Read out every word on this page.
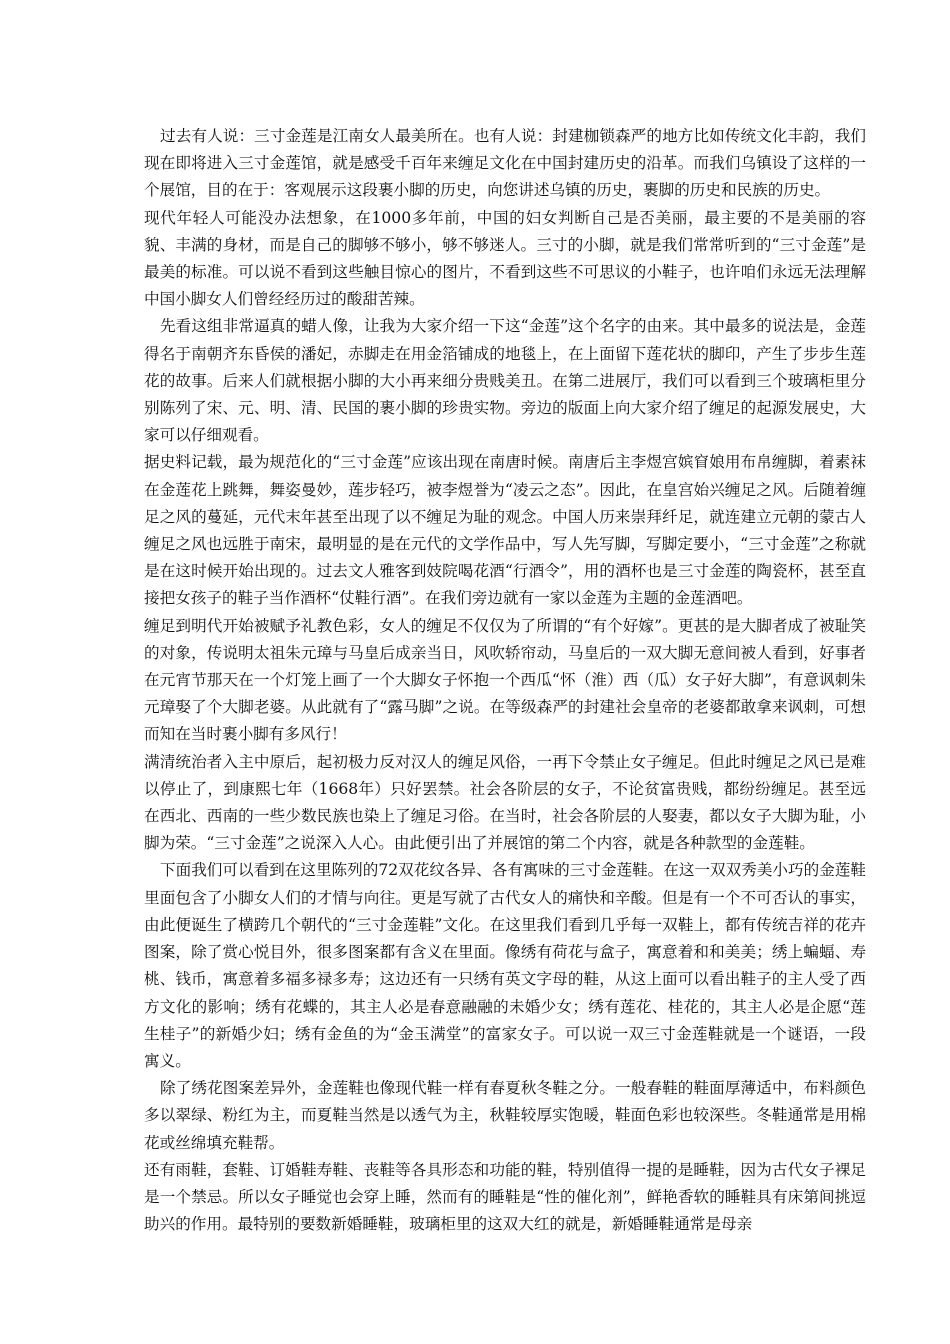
过去有人说：三寸金莲是江南女人最美所在。也有人说：封建枷锁森严的地方比如传统文化丰韵，我们现在即将进入三寸金莲馆，就是感受千百年来缠足文化在中国封建历史的沿革。而我们乌镇设了这样的一个展馆，目的在于：客观展示这段裹小脚的历史，向您讲述乌镇的历史，裹脚的历史和民族的历史。

现代年轻人可能没办法想象，在1000多年前，中国的妇女判断自己是否美丽，最主要的不是美丽的容貌、丰满的身材，而是自己的脚够不够小，够不够迷人。三寸的小脚，就是我们常常听到的“三寸金莲”是最美的标准。可以说不看到这些触目惊心的图片，不看到这些不可思议的小鞋子，也许咱们永远无法理解中国小脚女人们曾经经历过的酸甜苦辣。

先看这组非常逼真的蜡人像，让我为大家介绍一下这“金莲”这个名字的由来。其中最多的说法是，金莲得名于南朝齐东昏侯的潘妃，赤脚走在用金箔铺成的地毯上，在上面留下莲花状的脚印，产生了步步生莲花的故事。后来人们就根据小脚的大小再来细分贵贱美丑。在第二进展厅，我们可以看到三个玻璃柜里分别陈列了宋、元、明、清、民国的裹小脚的珍贵实物。旁边的版面上向大家介绍了缠足的起源发展史，大家可以仔细观看。

据史料记载，最为规范化的“三寸金莲”应该出现在南唐时候。南唐后主李煜宫嫔窅娘用布帛缠脚，着素袜在金莲花上跳舞，舞姿曼妙，莲步轻巧，被李煜誉为“凌云之态”。因此，在皇宫始兴缠足之风。后随着缠足之风的蔓延，元代末年甚至出现了以不缠足为耻的观念。中国人历来崇拜纤足，就连建立元朝的蒙古人缠足之风也远胜于南宋，最明显的是在元代的文学作品中，写人先写脚，写脚定要小，“三寸金莲”之称就是在这时候开始出现的。过去文人雅客到妓院喝花酒“行酒令”，用的酒杯也是三寸金莲的陶瓷杯，甚至直接把女孩子的鞋子当作酒杯“仗鞋行酒”。在我们旁边就有一家以金莲为主题的金莲酒吧。

缠足到明代开始被赋予礼教色彩，女人的缠足不仅仅为了所谓的“有个好嫁”。更甚的是大脚者成了被耻笑的对象，传说明太祖朱元璋与马皇后成亲当日，风吹轿帘动，马皇后的一双大脚无意间被人看到，好事者在元宵节那天在一个灯笼上画了一个大脚女子怀抱一个西瓜“怀（淮）西（瓜）女子好大脚”，有意讽刺朱元璋娶了个大脚老婆。从此就有了“露马脚”之说。在等级森严的封建社会皇帝的老婆都敢拿来讽刺，可想而知在当时裹小脚有多风行！

满清统治者入主中原后，起初极力反对汉人的缠足风俗，一再下令禁止女子缠足。但此时缠足之风已是难以停止了，到康熙七年（1668年）只好罢禁。社会各阶层的女子，不论贫富贵贱，都纷纷缠足。甚至远在西北、西南的一些少数民族也染上了缠足习俗。在当时，社会各阶层的人娶妻，都以女子大脚为耻，小脚为荣。“三寸金莲”之说深入人心。由此便引出了并展馆的第二个内容，就是各种款型的金莲鞋。

下面我们可以看到在这里陈列的72双花纹各异、各有寓味的三寸金莲鞋。在这一双双秀美小巧的金莲鞋里面包含了小脚女人们的才情与向往。更是写就了古代女人的痛快和辛酸。但是有一个不可否认的事实，由此便诞生了横跨几个朝代的“三寸金莲鞋”文化。在这里我们看到几乎每一双鞋上，都有传统吉祥的花卉图案，除了赏心悦目外，很多图案都有含义在里面。像绣有荷花与盒子，寓意着和和美美；绣上蝙蝠、寿桃、钱币，寓意着多福多禄多寿；这边还有一只绣有英文字母的鞋，从这上面可以看出鞋子的主人受了西方文化的影响；绣有花蝶的，其主人必是春意融融的未婚少女；绣有莲花、桂花的，其主人必是企愿“莲生桂子”的新婚少妇；绣有金鱼的为“金玉满堂”的富家女子。可以说一双三寸金莲鞋就是一个谜语，一段寓义。

除了绣花图案差异外，金莲鞋也像现代鞋一样有春夏秋冬鞋之分。一般春鞋的鞋面厚薄适中，布料颜色多以翠绿、粉红为主，而夏鞋当然是以透气为主，秋鞋较厚实饱暖，鞋面色彩也较深些。冬鞋通常是用棉花或丝绵填充鞋帮。

还有雨鞋，套鞋、订婚鞋寿鞋、丧鞋等各具形态和功能的鞋，特别值得一提的是睡鞋，因为古代女子裸足是一个禁忌。所以女子睡觉也会穿上睡，然而有的睡鞋是“性的催化剂”，鲜艳香软的睡鞋具有床第间挑逗助兴的作用。最特别的要数新婚睡鞋，玻璃柜里的这双大红的就是，新婚睡鞋通常是母亲
